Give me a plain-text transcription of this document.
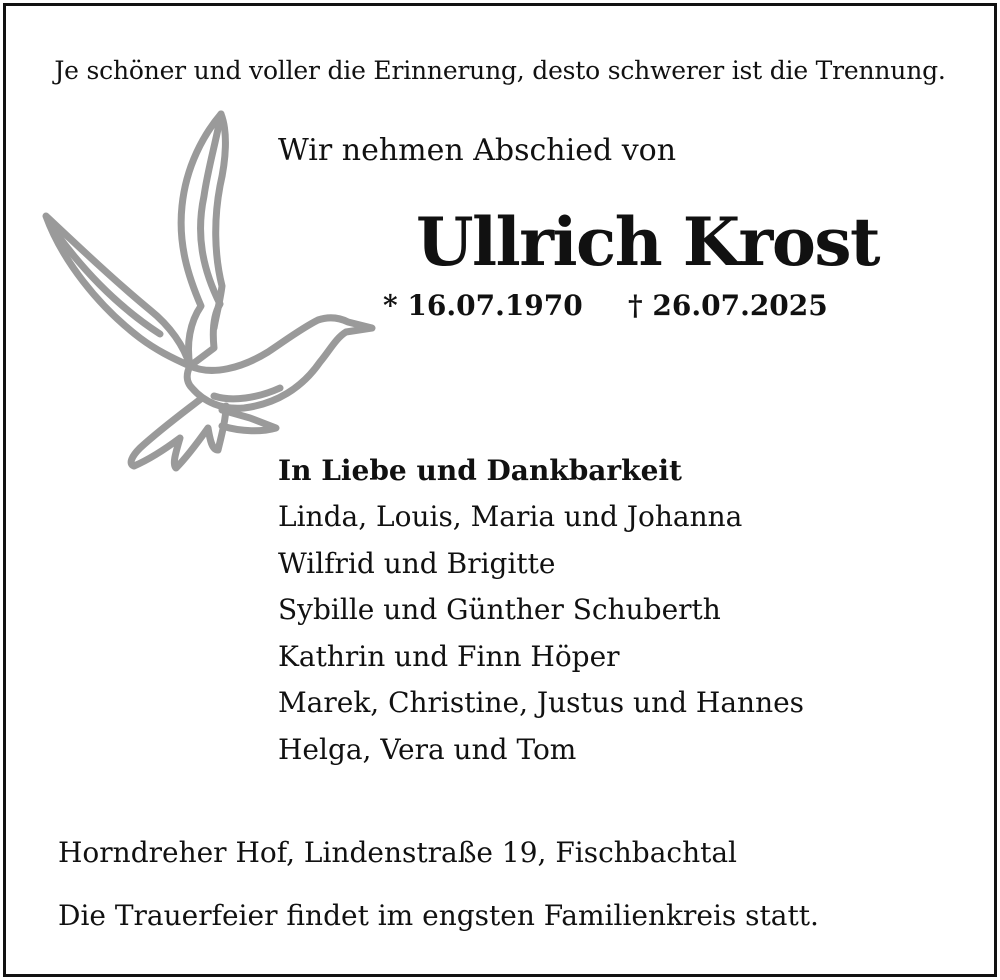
Je schöner und voller die Erinnerung, desto schwerer ist die Trennung.
Wir nehmen Abschied von
Ullrich Krost
* 16.07.1970 † 26.07.2025
In Liebe und Dankbarkeit
Linda, Louis, Maria und Johanna
Wilfrid und Brigitte
Sybille und Günther Schuberth
Kathrin und Finn Höper
Marek, Christine, Justus und Hannes
Helga, Vera und Tom
Horndreher Hof, Lindenstraße 19, Fischbachtal
Die Trauerfeier findet im engsten Familienkreis statt.
